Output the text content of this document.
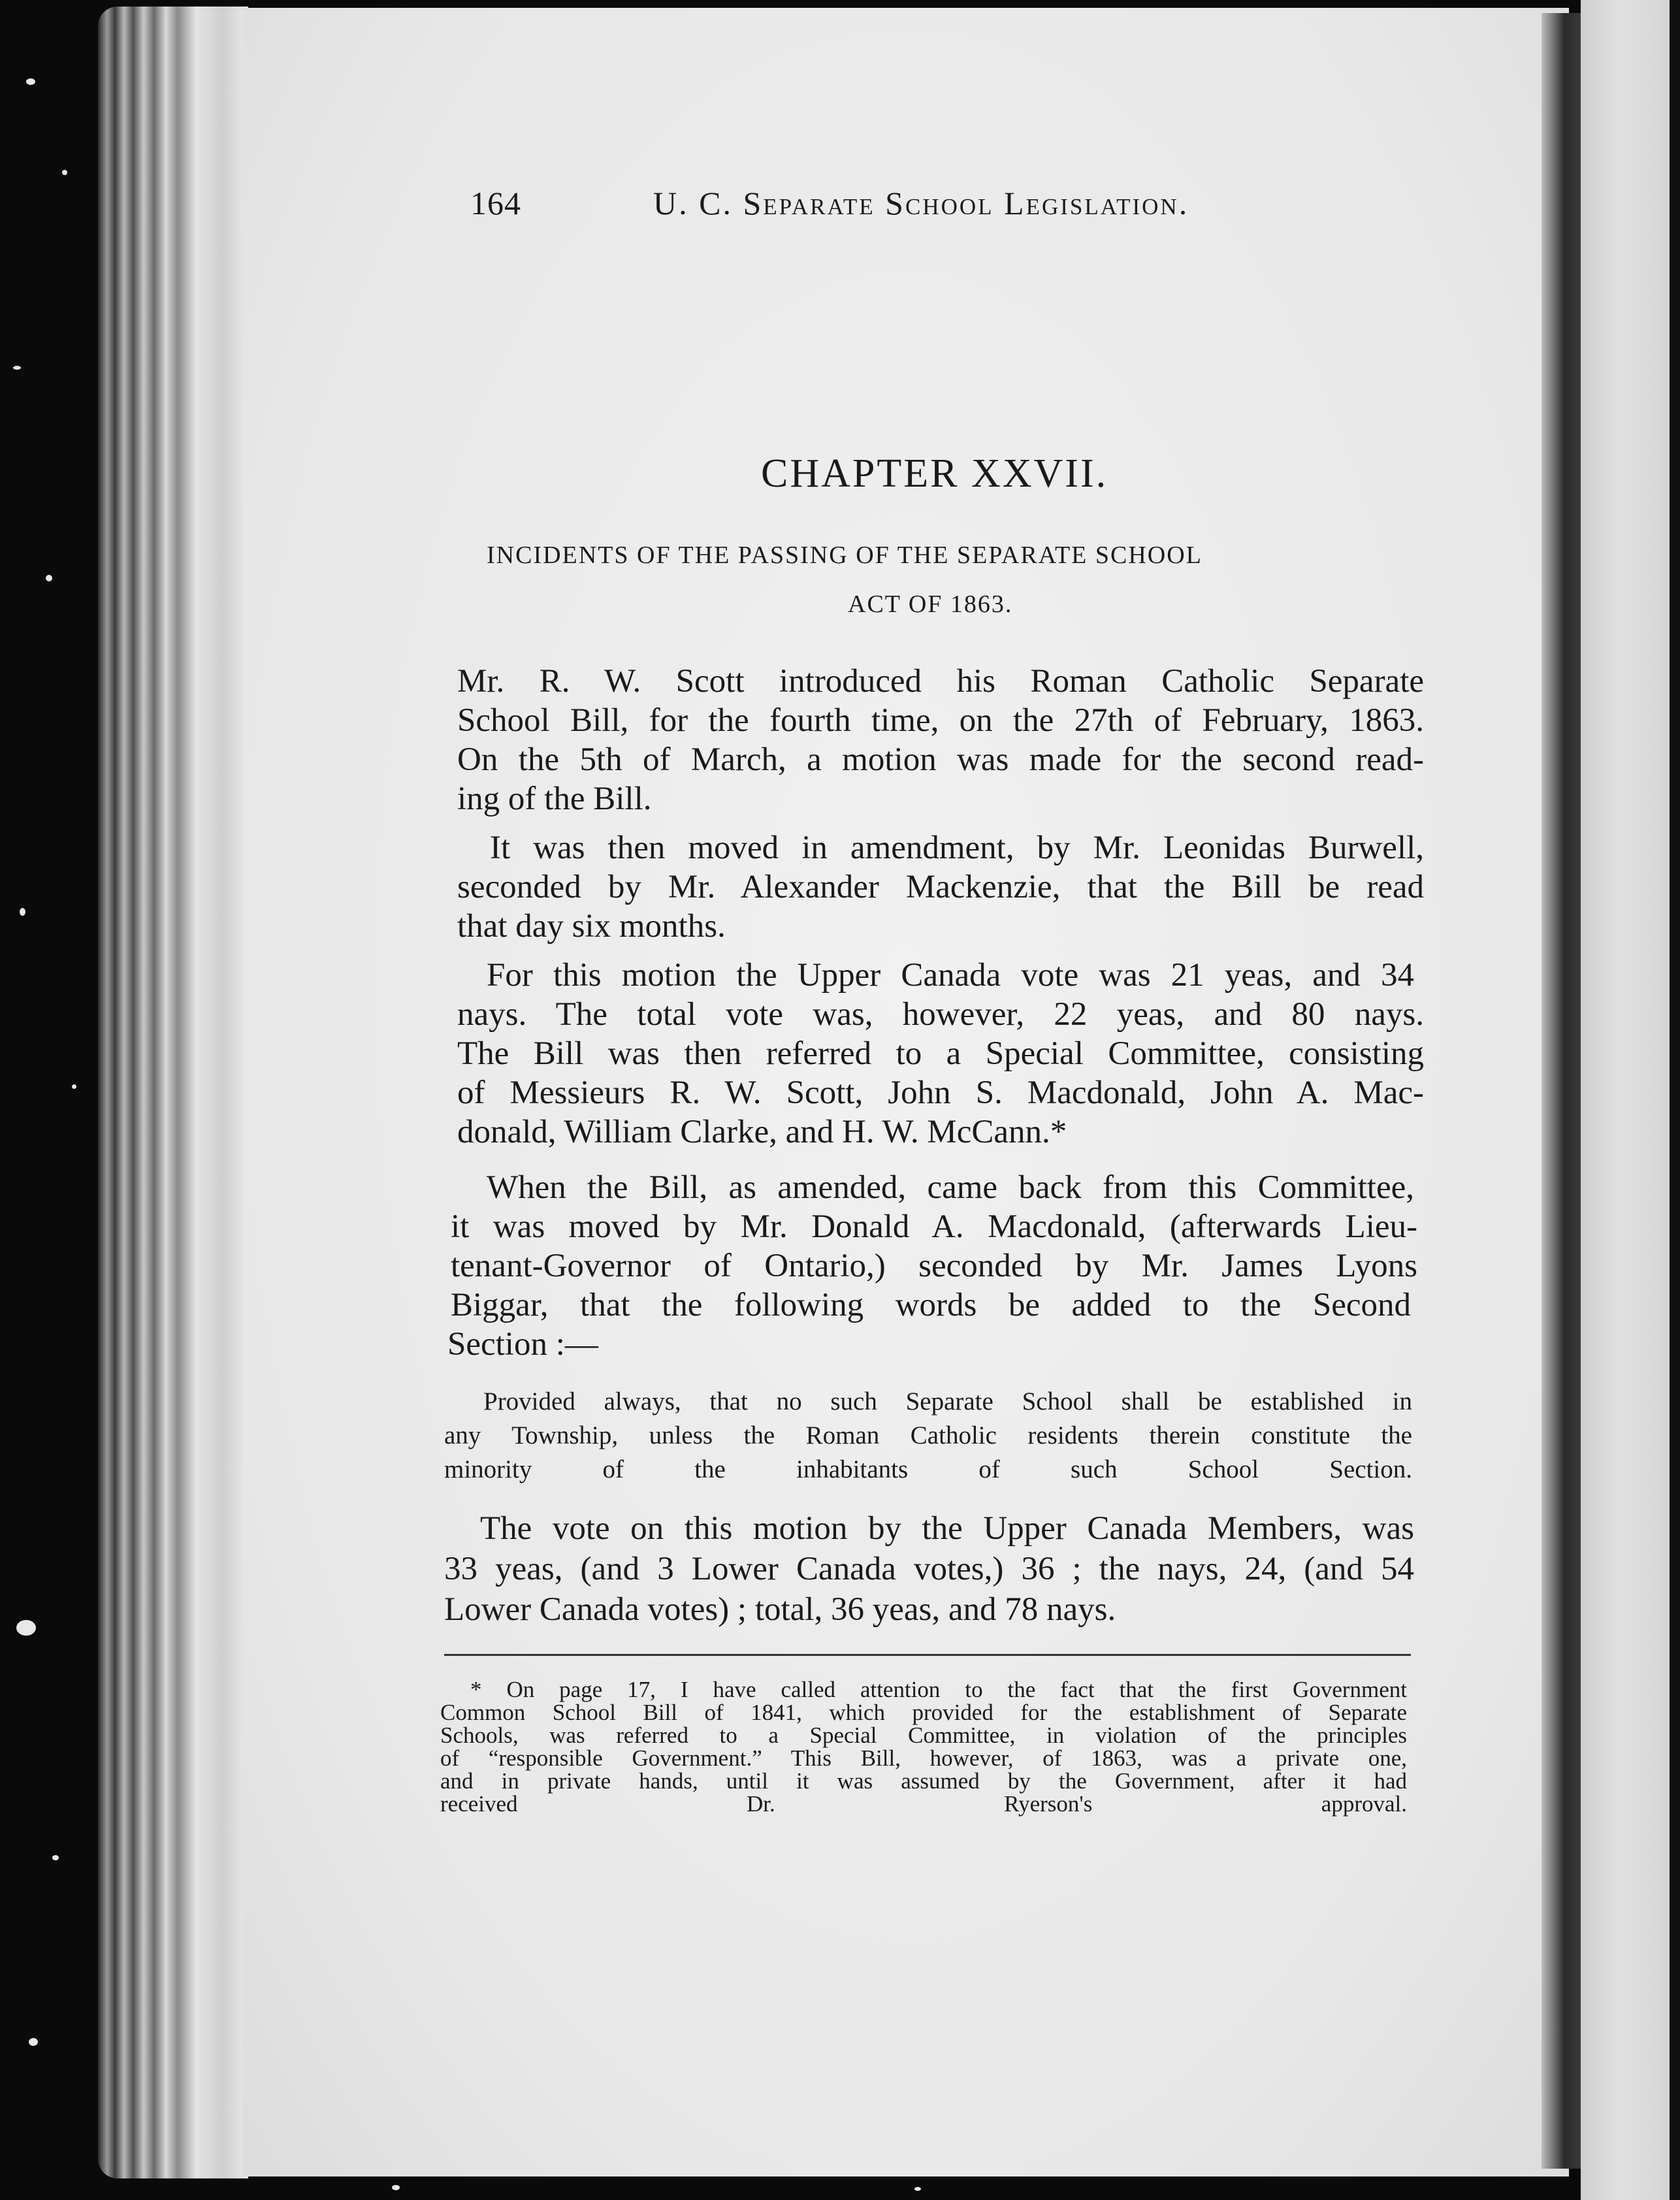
164	U. C. Separate School Legislation.
CHAPTER XXVII.
INCIDENTS OF THE PASSING OF THE SEPARATE SCHOOL
ACT OF 1863.
Mr. R. W. Scott introduced his Roman Catholic Separate
School Bill, for the fourth time, on the 27th of February, 1863.
On the 5th of March, a motion was made for the second read-
ing of the Bill.
It was then moved in amendment, by Mr. Leonidas Burwell,
seconded by Mr. Alexander Mackenzie, that the Bill be read
that day six months.
For this motion the Upper Canada vote was 21 yeas, and 34
nays. The total vote was, however, 22 yeas, and 80 nays.
The Bill was then referred to a Special Committee, consisting
of Messieurs R. W. Scott, John S. Macdonald, John A. Mac-
donald, William Clarke, and H. W. McCann.*
When the Bill, as amended, came back from this Committee,
it was moved by Mr. Donald A. Macdonald, (afterwards Lieu-
tenant-Governor of Ontario,) seconded by Mr. James Lyons
Biggar, that the following words be added to the Second
Section :—
Provided always, that no such Separate School shall be established in
any Township, unless the Roman Catholic residents therein constitute the
minority of the inhabitants of such School Section.
The vote on this motion by the Upper Canada Members, was
33 yeas, (and 3 Lower Canada votes,) 36 ; the nays, 24, (and 54
Lower Canada votes) ; total, 36 yeas, and 78 nays.
* On page 17, I have called attention to the fact that the first Government
Common School Bill of 1841, which provided for the establishment of Separate
Schools, was referred to a Special Committee, in violation of the principles
of “responsible Government.” This Bill, however, of 1863, was a private one,
and in private hands, until it was assumed by the Government, after it had
received Dr. Ryerson's approval.
